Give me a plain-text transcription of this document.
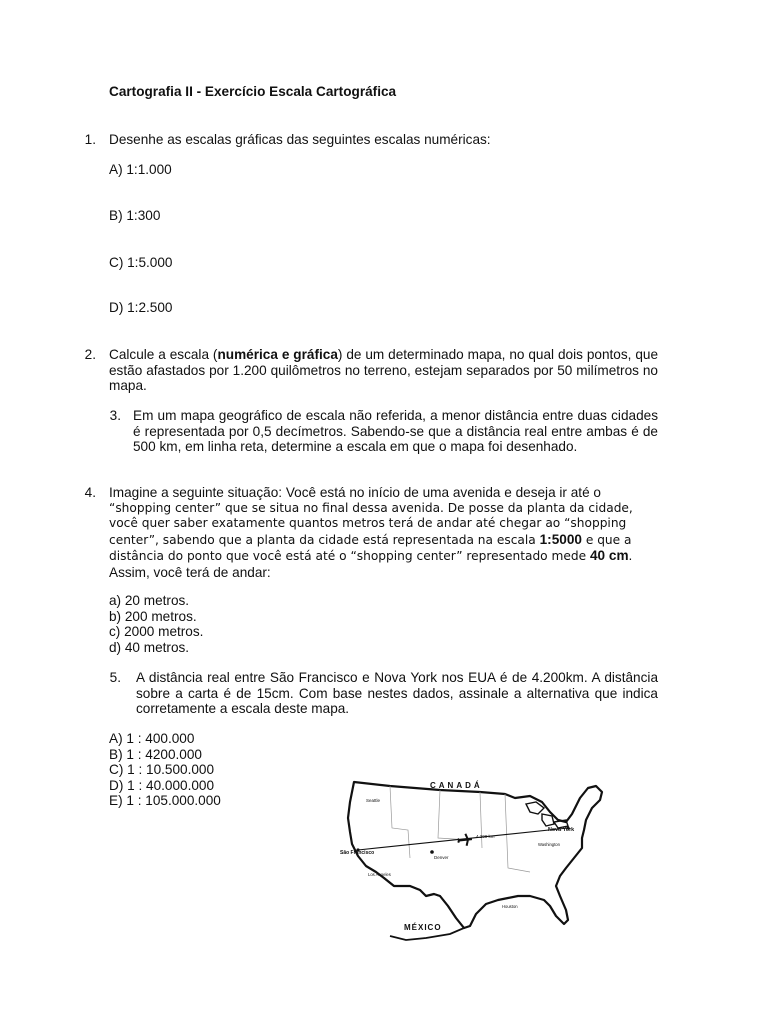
Cartografia II - Exercício Escala Cartográfica
1. Desenhe as escalas gráficas das seguintes escalas numéricas:
A) 1:1.000
B) 1:300
C) 1:5.000
D) 1:2.500
2. Calcule a escala (numérica e gráfica) de um determinado mapa, no qual dois pontos, que estão afastados por 1.200 quilômetros no terreno, estejam separados por 50 milímetros no mapa.
3. Em um mapa geográfico de escala não referida, a menor distância entre duas cidades é representada por 0,5 decímetros. Sabendo-se que a distância real entre ambas é de 500 km, em linha reta, determine a escala em que o mapa foi desenhado.
4. Imagine a seguinte situação: Você está no início de uma avenida e deseja ir até o
“shopping center” que se situa no final dessa avenida. De posse da planta da cidade,
você quer saber exatamente quantos metros terá de andar até chegar ao “shopping
center”, sabendo que a planta da cidade está representada na escala 1:5000 e que a
distância do ponto que você está até o “shopping center” representado mede 40 cm.
Assim, você terá de andar:
a) 20 metros.
b) 200 metros.
c) 2000 metros.
d) 40 metros.
5. A distância real entre São Francisco e Nova York nos EUA é de 4.200km. A distância sobre a carta é de 15cm. Com base nestes dados, assinale a alternativa que indica corretamente a escala deste mapa.
A) 1 : 400.000
B) 1 : 4200.000
C) 1 : 10.500.000
D) 1 : 40.000.000
E) 1 : 105.000.000
CANADÁ
MÉXICO
Seattle
São Francisco
Los Angeles
Denver
Houston
Washington
Nova York
4.200 km
